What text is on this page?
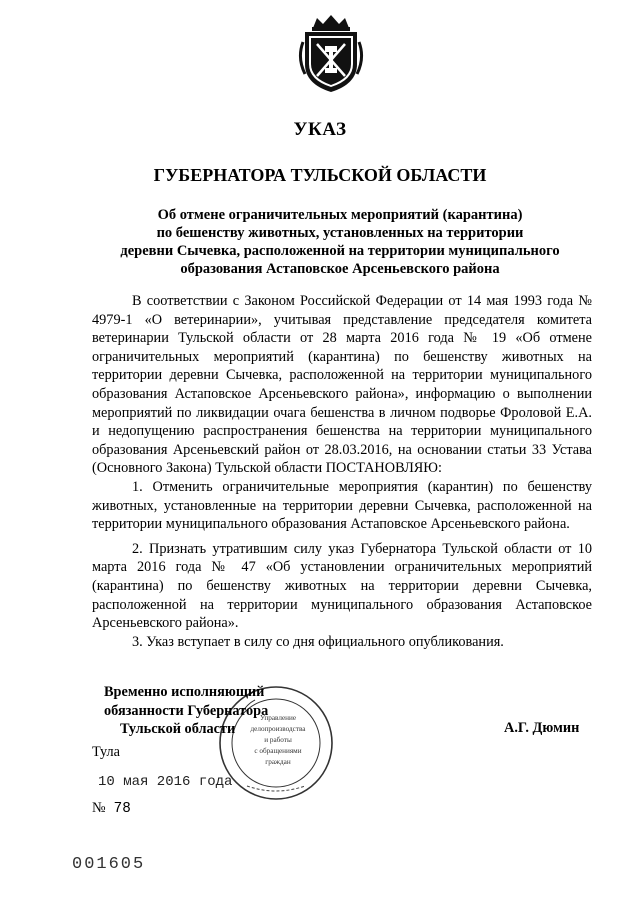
УКАЗ
ГУБЕРНАТОРА ТУЛЬСКОЙ ОБЛАСТИ
Об отмене ограничительных мероприятий (карантина)
по бешенству животных, установленных на территории
деревни Сычевка, расположенной на территории муниципального
образования Астаповское Арсеньевского района

В соответствии с Законом Российской Федерации от 14 мая 1993 года № 4979-1 «О ветеринарии», учитывая представление председателя комитета ветеринарии Тульской области от 28 марта 2016 года № 19 «Об отмене ограничительных мероприятий (карантина) по бешенству животных на территории деревни Сычевка, расположенной на территории муниципального образования Астаповское Арсеньевского района», информацию о выполнении мероприятий по ликвидации очага бешенства в личном подворье Фроловой Е.А. и недопущению распространения бешенства на территории муниципального образования Арсеньевский район от 28.03.2016, на основании статьи 33 Устава (Основного Закона) Тульской области ПОСТАНОВЛЯЮ:

1. Отменить ограничительные мероприятия (карантин) по бешенству животных, установленные на территории деревни Сычевка, расположенной на территории муниципального образования Астаповское Арсеньевского района.

2. Признать утратившим силу указ Губернатора Тульской области от 10 марта 2016 года № 47 «Об установлении ограничительных мероприятий (карантина) по бешенству животных на территории деревни Сычевка, расположенной на территории муниципального образования Астаповское Арсеньевского района».

3. Указ вступает в силу со дня официального опубликования.

Управление
делопроизводства
и работы
с обращениями
граждан
Временно исполняющий
обязанности Губернатора
Тульской области	А.Г. Дюмин
Тула
10 мая 2016 года
№ 78
001605
